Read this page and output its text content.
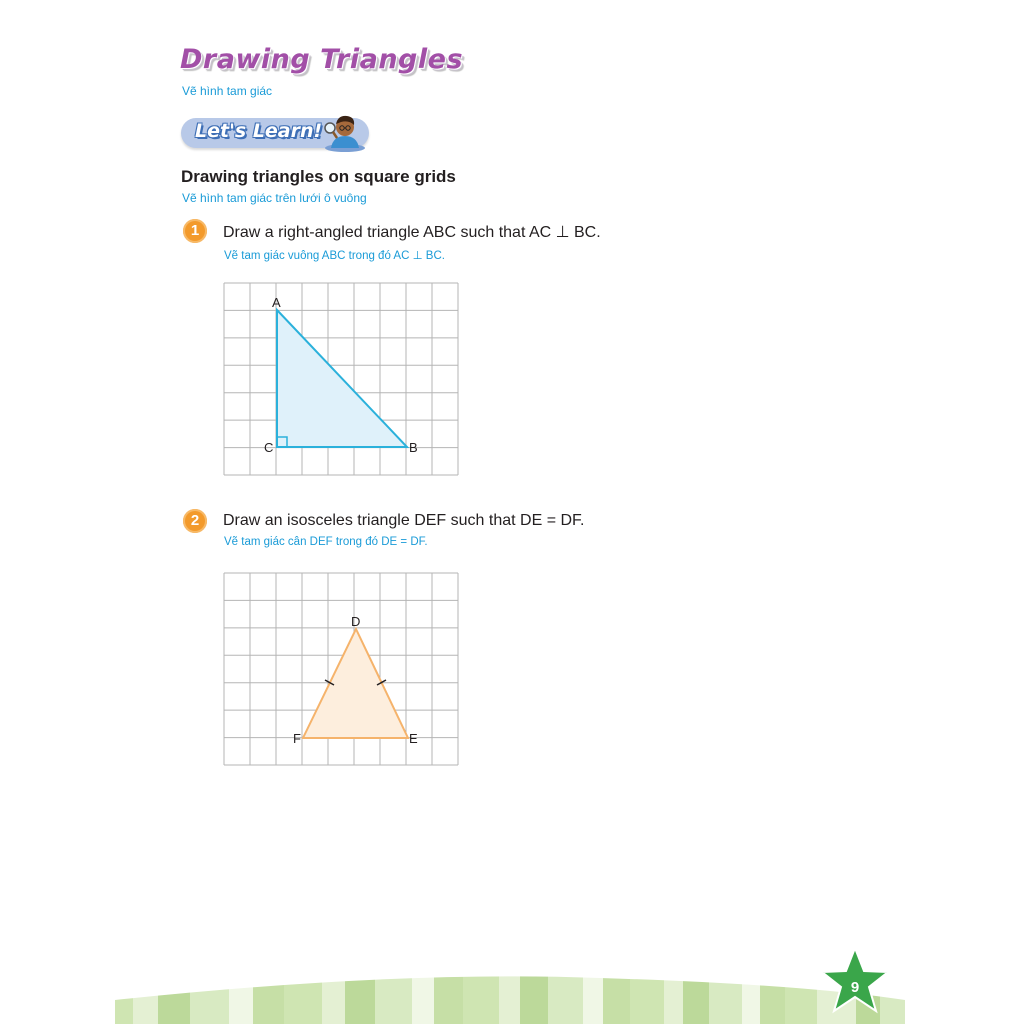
Drawing Triangles
Vẽ hình tam giác
Let's Learn!
Drawing triangles on square grids
Vẽ hình tam giác trên lưới ô vuông
1	Draw a right-angled triangle ABC such that AC ⊥ BC.
Vẽ tam giác vuông ABC trong đó AC ⊥ BC.
A
B
C
2	Draw an isosceles triangle DEF such that DE = DF.
Vẽ tam giác cân DEF trong đó DE = DF.
D
E
F
9
